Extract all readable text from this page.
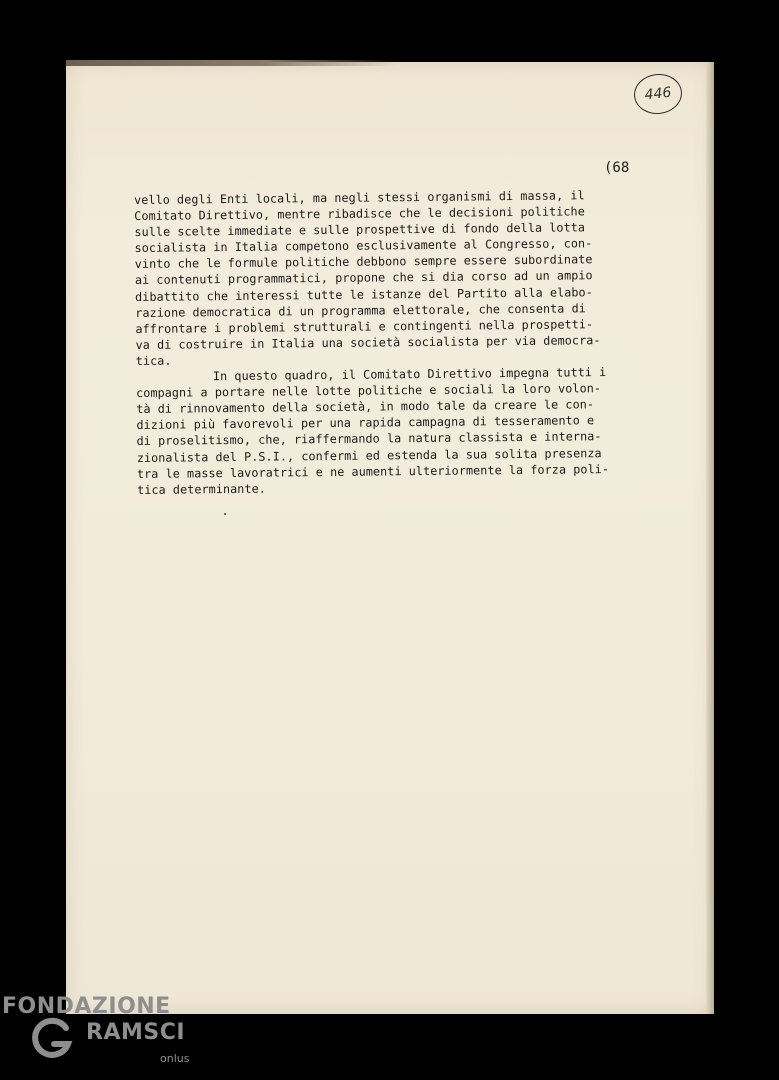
446
(68
vello degli Enti locali, ma negli stessi organismi di massa, il
Comitato Direttivo, mentre ribadisce che le decisioni politiche
sulle scelte immediate e sulle prospettive di fondo della lotta
socialista in Italia competono esclusivamente al Congresso, con-
vinto che le formule politiche debbono sempre essere subordinate
ai contenuti programmatici, propone che si dia corso ad un ampio
dibattito che interessi tutte le istanze del Partito alla elabo-
razione democratica di un programma elettorale, che consenta di
affrontare i problemi strutturali e contingenti nella prospetti-
va di costruire in Italia una società socialista per via democra-
tica.
In questo quadro, il Comitato Direttivo impegna tutti i
compagni a portare nelle lotte politiche e sociali la loro volon-
tà di rinnovamento della società, in modo tale da creare le con-
dizioni più favorevoli per una rapida campagna di tesseramento e
di proselitismo, che, riaffermando la natura classista e interna-
zionalista del P.S.I., confermi ed estenda la sua solita presenza
tra le masse lavoratrici e ne aumenti ulteriormente la forza poli-
tica determinante.
FONDAZIONE
RAMSCI
onlus
